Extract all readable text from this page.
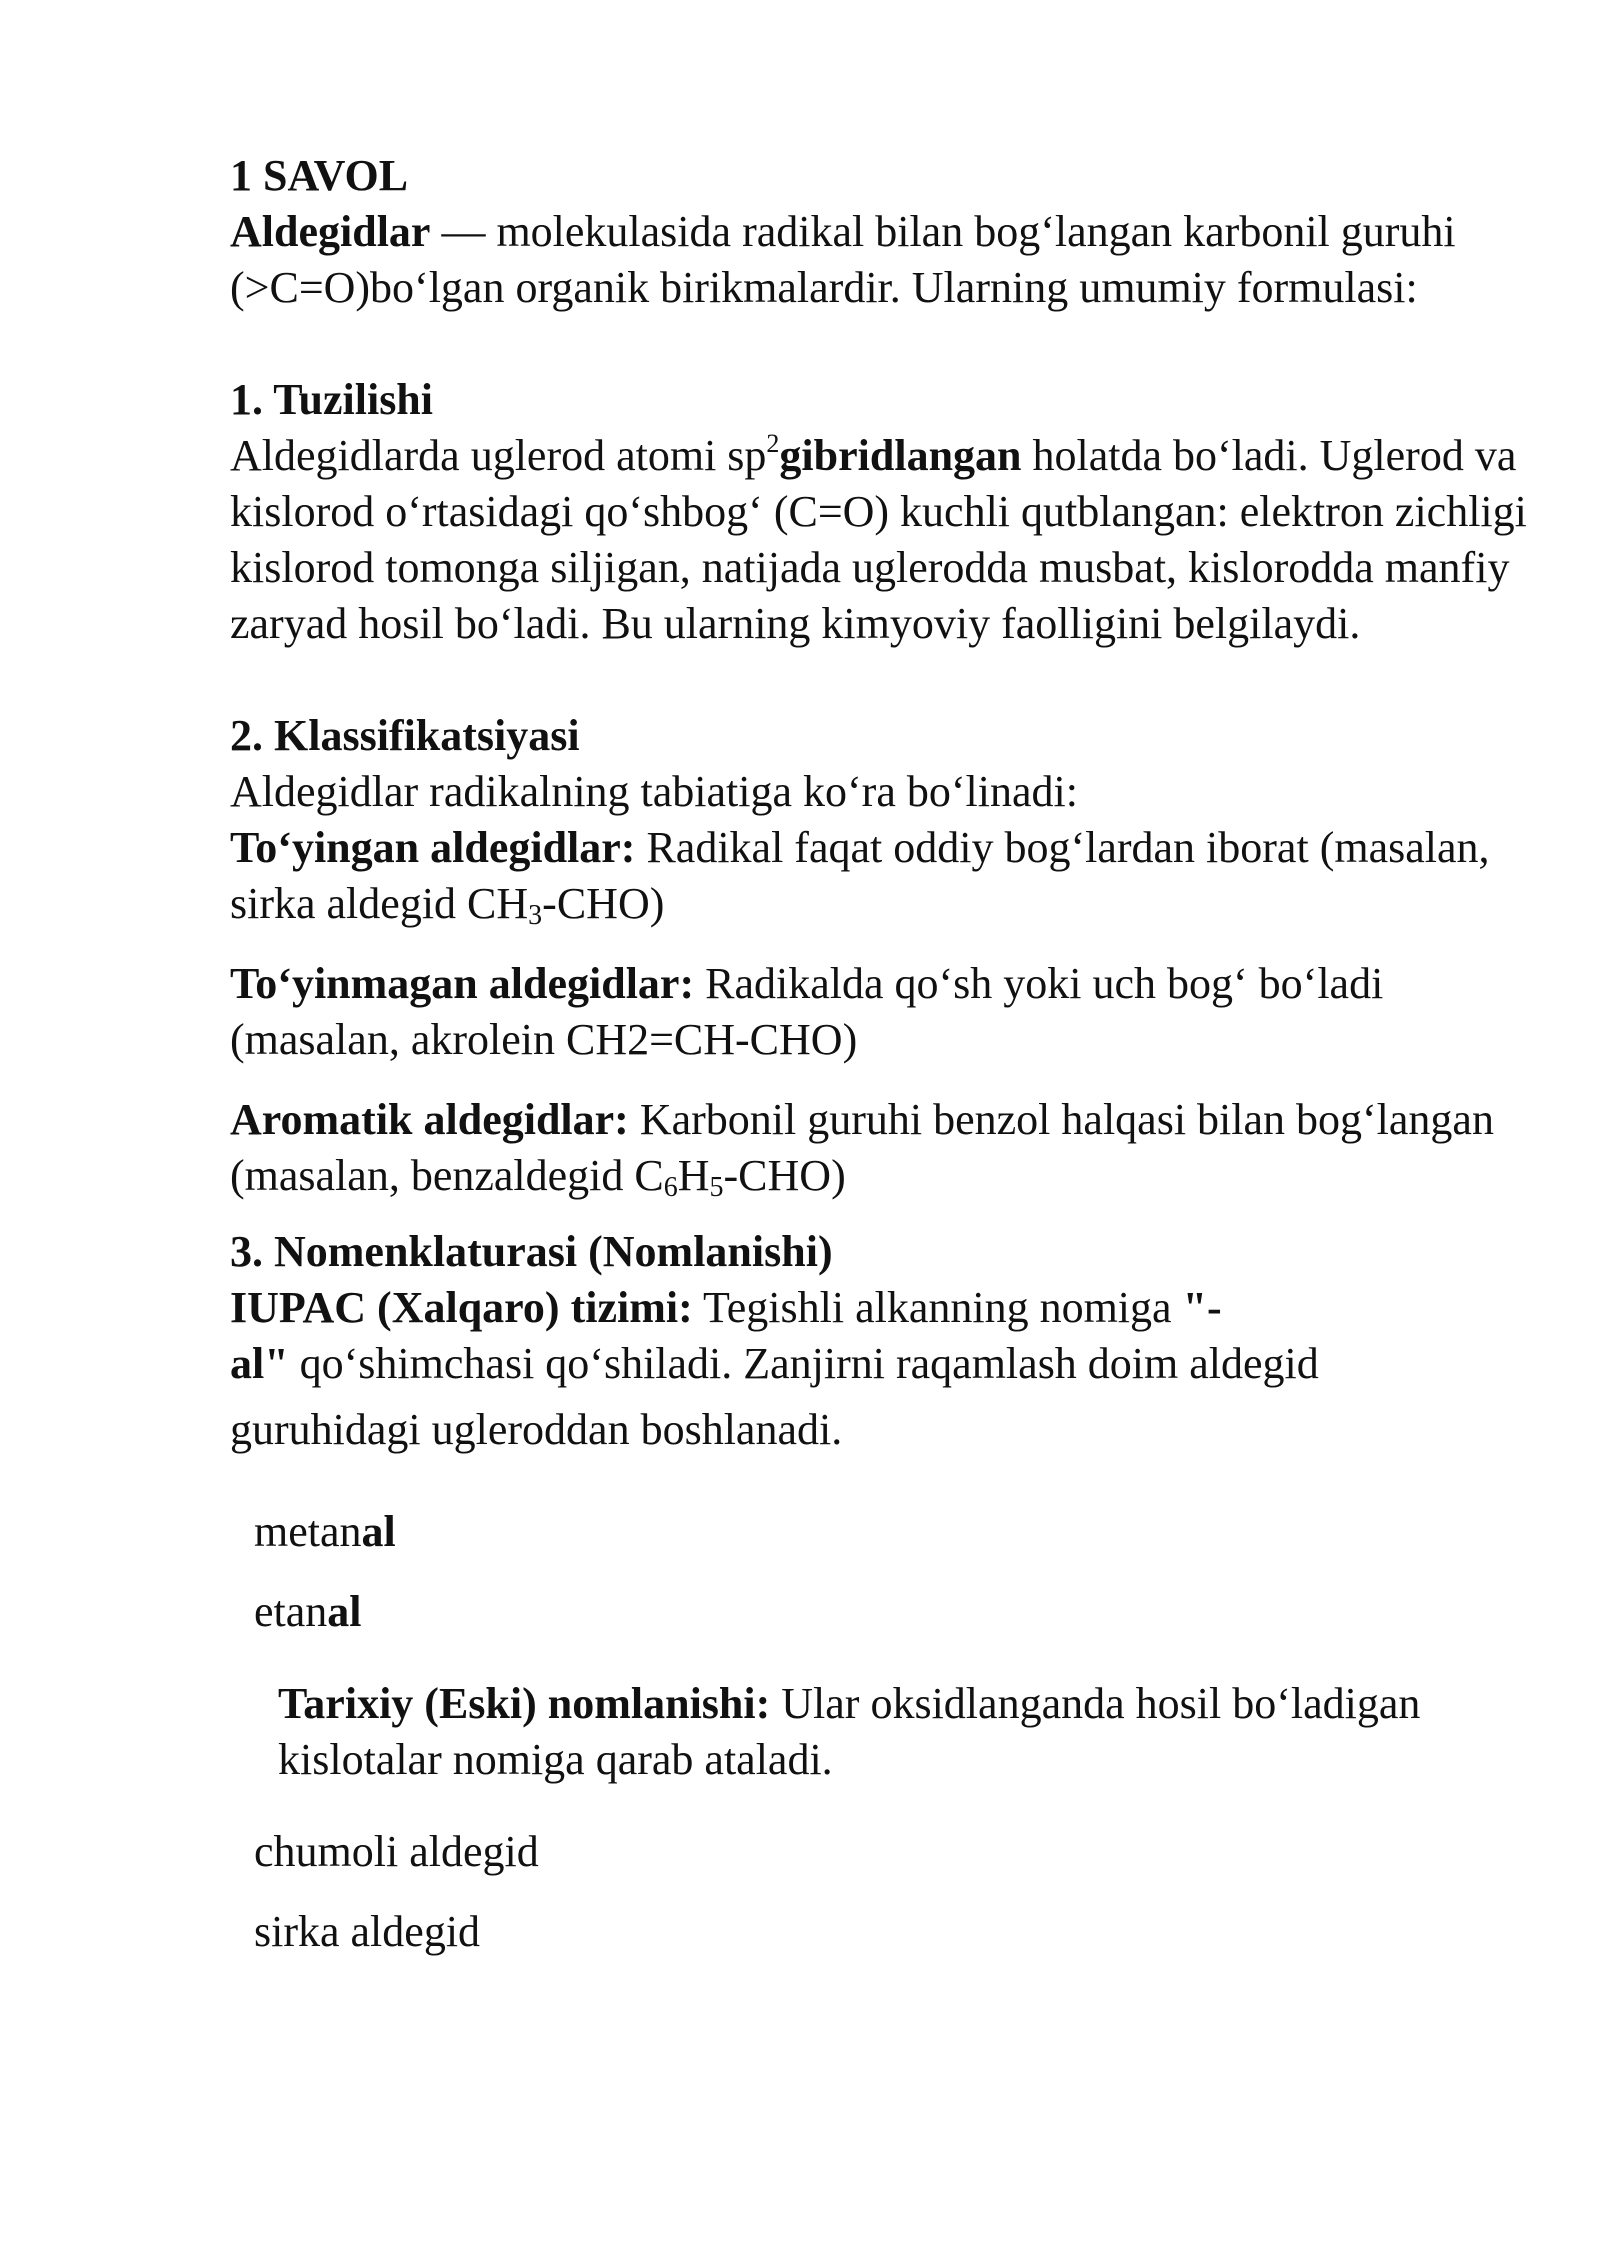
1 SAVOL

Aldegidlar — molekulasida radikal bilan bog‘langan karbonil guruhi (>C=O)bo‘lgan organik birikmalardir. Ularning umumiy formulasi:

1. Tuzilishi

Aldegidlarda uglerod atomi $sp^2gibridlangan$ holatda bo‘ladi. Uglerod va kislorod o‘rtasidagi qo‘shbog‘ (C=O) kuchli qutblangan: elektron zichligi kislorod tomonga siljigan, natijada uglerodda musbat, kislorodda manfiy zaryad hosil bo‘ladi. Bu ularning kimyoviy faolligini belgilaydi.

2. Klassifikatsiyasi

Aldegidlar radikalning tabiatiga ko‘ra bo‘linadi:

To‘yingan aldegidlar: Radikal faqat oddiy bog‘lardan iborat (masalan, sirka aldegid $CH_3-CHO$)

To‘yinmagan aldegidlar: Radikalda qo‘sh yoki uch bog‘ bo‘ladi (masalan, akrolein CH2=CH-CHO)

Aromatik aldegidlar: Karbonil guruhi benzol halqasi bilan bog‘langan (masalan, benzaldegid $C_6H_5-CHO$)

3. Nomenklaturasi (Nomlanishi)

IUPAC (Xalqaro) tizimi: Tegishli alkanning nomiga "-

al" qo‘shimchasi qo‘shiladi. Zanjirni raqamlash doim aldegid

guruhidagi ugleroddan boshlanadi.

metanal

etanal

Tarixiy (Eski) nomlanishi: Ular oksidlanganda hosil bo‘ladigan kislotalar nomiga qarab ataladi.

chumoli aldegid

sirka aldegid
